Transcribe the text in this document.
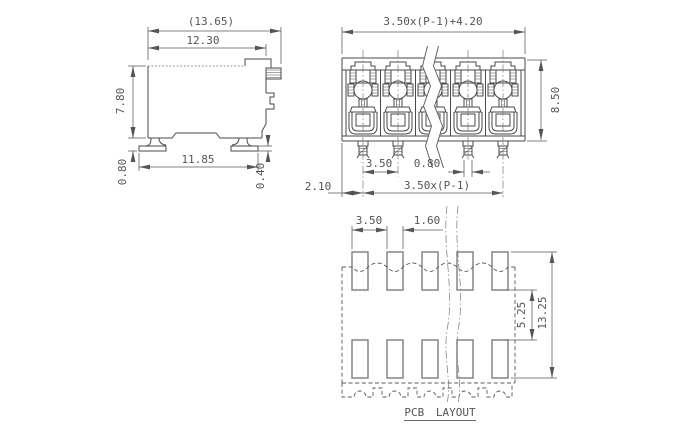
(13.65)
12.30
7.80
0.80	11.85
0.40
3.50x(P-1)+4.20
8.50
3.50	0.80
2.10	3.50x(P-1)
3.50	1.60
5.25 13.25
PCB LAYOUT
